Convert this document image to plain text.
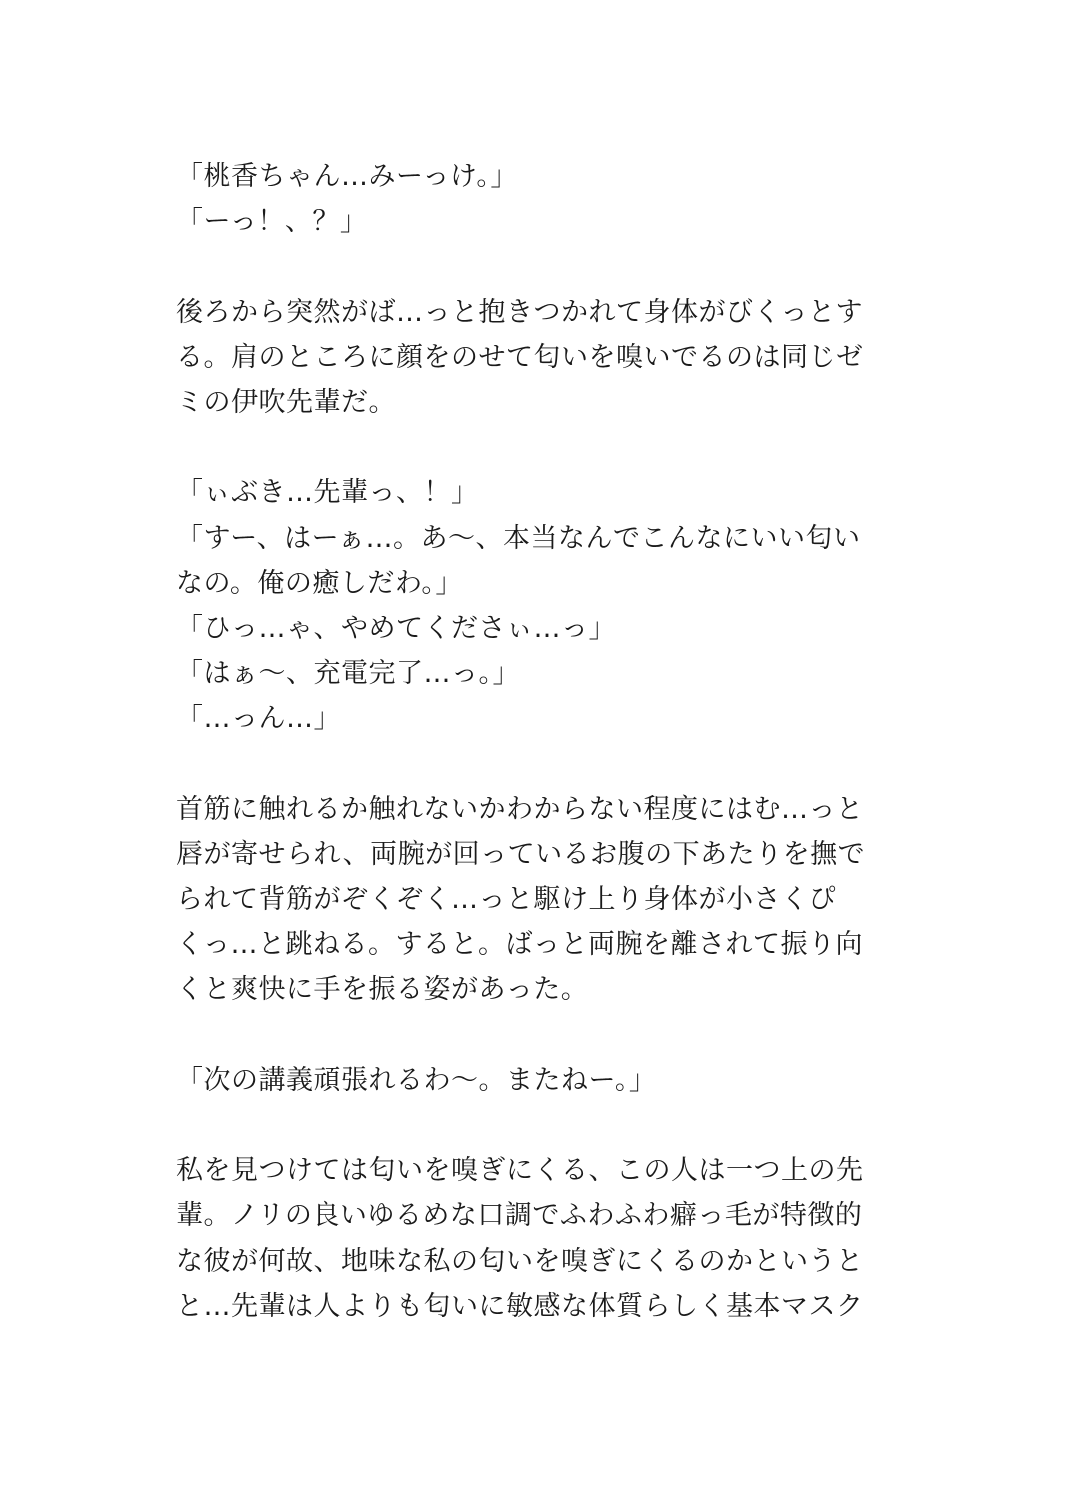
「桃香ちゃん…みーっけ。」
「ーっ！、？」
後ろから突然がば…っと抱きつかれて身体がびくっとす
る。肩のところに顔をのせて匂いを嗅いでるのは同じゼ
ミの伊吹先輩だ。
「ぃぶき…先輩っ、！」
「すー、はーぁ…。あ〜、本当なんでこんなにいい匂い
なの。俺の癒しだわ。」
「ひっ…ゃ、やめてくださぃ…っ」
「はぁ〜、充電完了…っ。」
「…っん…」
首筋に触れるか触れないかわからない程度にはむ…っと
唇が寄せられ、両腕が回っているお腹の下あたりを撫で
られて背筋がぞくぞく…っと駆け上り身体が小さくぴ
くっ…と跳ねる。すると。ばっと両腕を離されて振り向
くと爽快に手を振る姿があった。
「次の講義頑張れるわ〜。またねー。」
私を見つけては匂いを嗅ぎにくる、この人は一つ上の先
輩。ノリの良いゆるめな口調でふわふわ癖っ毛が特徴的
な彼が何故、地味な私の匂いを嗅ぎにくるのかというと
と…先輩は人よりも匂いに敏感な体質らしく基本マスク
